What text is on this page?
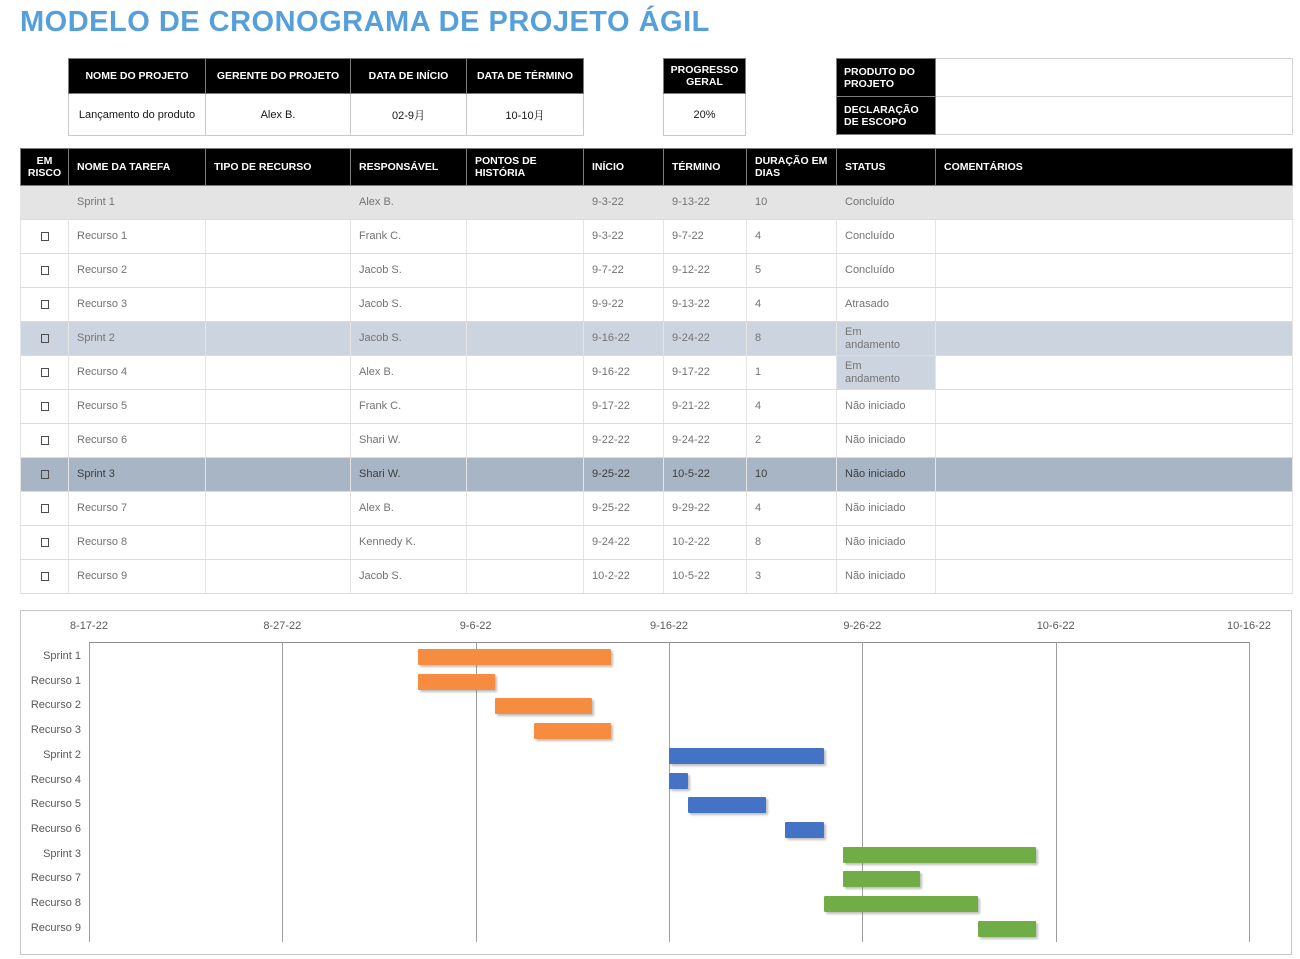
MODELO DE CRONOGRAMA DE PROJETO ÁGIL
NOME DO PROJETO	GERENTE DO PROJETO	DATA DE INÍCIO	DATA DE TÉRMINO
Lançamento do produto	Alex B.	02-9月	10-10月
PROGRESSO GERAL
20%
PRODUTO DO PROJETO	
DECLARAÇÃO DE ESCOPO	
EM RISCO	NOME DA TAREFA	TIPO DE RECURSO	RESPONSÁVEL	PONTOS DE HISTÓRIA	INÍCIO	TÉRMINO	DURAÇÃO EM DIAS	STATUS	COMENTÁRIOS
	Sprint 1		Alex B.		9-3-22	9-13-22	10	Concluído	
	Recurso 1		Frank C.		9-3-22	9-7-22	4	Concluído	
	Recurso 2		Jacob S.		9-7-22	9-12-22	5	Concluído	
	Recurso 3		Jacob S.		9-9-22	9-13-22	4	Atrasado	
	Sprint 2		Jacob S.		9-16-22	9-24-22	8	Em andamento	
	Recurso 4		Alex B.		9-16-22	9-17-22	1	Em andamento	
	Recurso 5		Frank C.		9-17-22	9-21-22	4	Não iniciado	
	Recurso 6		Shari W.		9-22-22	9-24-22	2	Não iniciado	
	Sprint 3		Shari W.		9-25-22	10-5-22	10	Não iniciado	
	Recurso 7		Alex B.		9-25-22	9-29-22	4	Não iniciado	
	Recurso 8		Kennedy K.		9-24-22	10-2-22	8	Não iniciado	
	Recurso 9		Jacob S.		10-2-22	10-5-22	3	Não iniciado	
8-17-22	8-27-22	9-6-22	9-16-22	9-26-22	10-6-22	10-16-22
Sprint 1
Recurso 1
Recurso 2
Recurso 3
Sprint 2
Recurso 4
Recurso 5
Recurso 6
Sprint 3
Recurso 7
Recurso 8
Recurso 9
